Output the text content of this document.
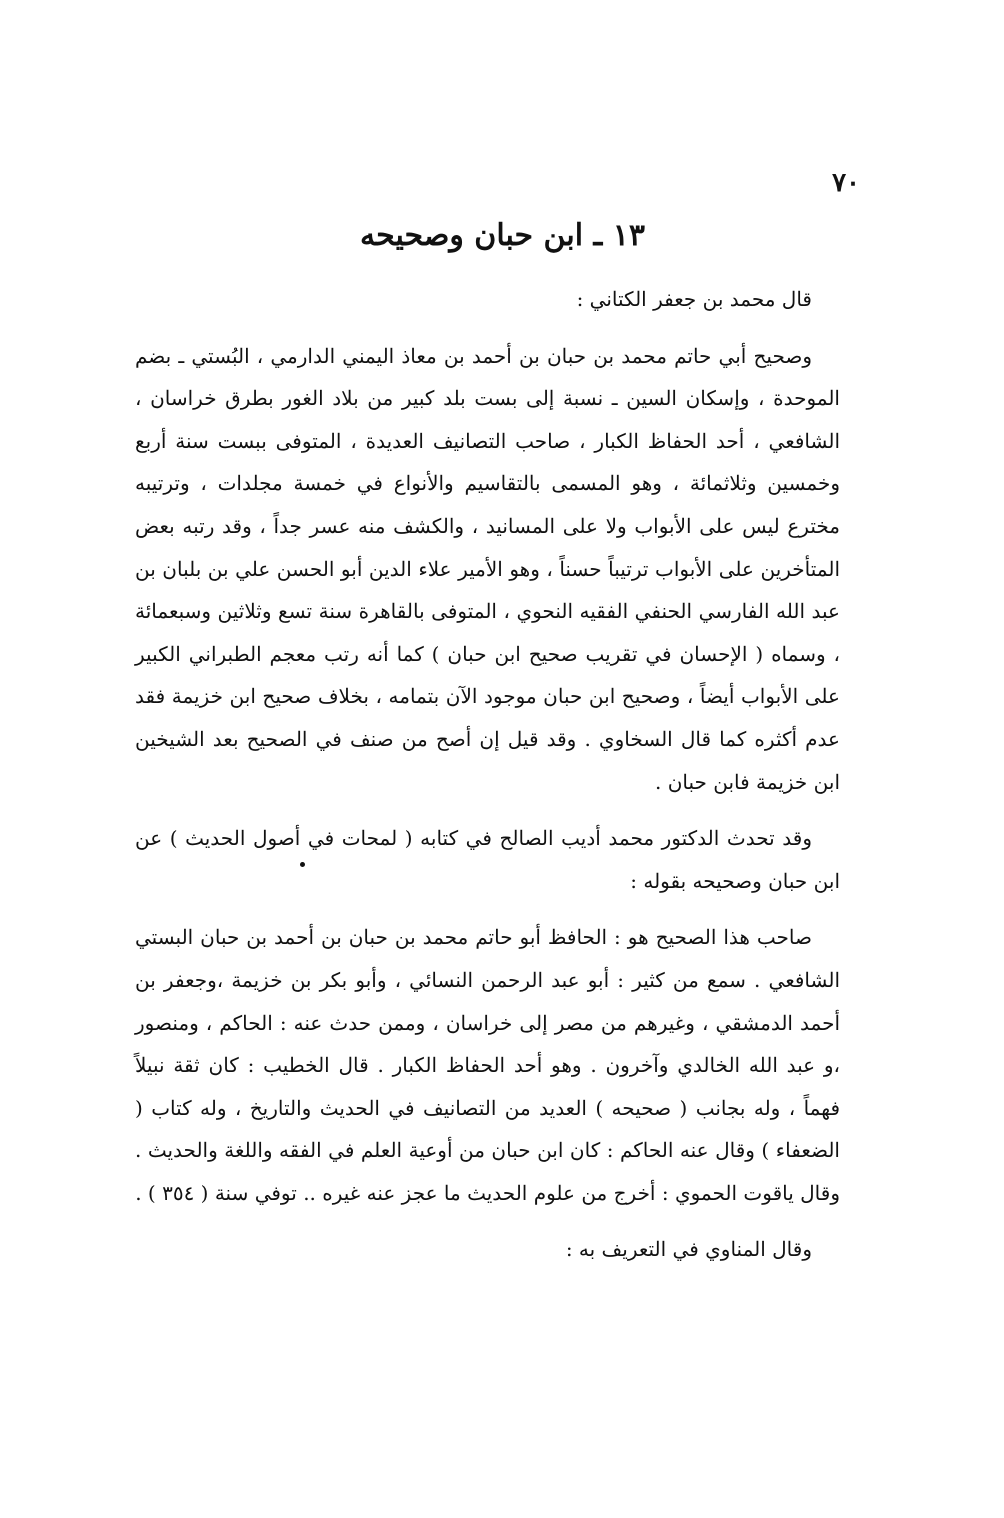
٧٠
١٣ ـ ابن حبان وصحيحه

قال محمد بن جعفر الكتاني :

وصحيح أبي حاتم محمد بن حبان بن أحمد بن معاذ اليمني الدارمي ، البُستي ـ بضم الموحدة ، وإسكان السين ـ نسبة إلى بست بلد كبير من بلاد الغور بطرق خراسان ، الشافعي ، أحد الحفاظ الكبار ، صاحب التصانيف العديدة ، المتوفى ببست سنة أربع وخمسين وثلاثمائة ، وهو المسمى بالتقاسيم والأنواع في خمسة مجلدات ، وترتيبه مخترع ليس على الأبواب ولا على المسانيد ، والكشف منه عسر جداً ، وقد رتبه بعض المتأخرين على الأبواب ترتيباً حسناً ، وهو الأمير علاء الدين أبو الحسن علي بن بلبان بن عبد الله الفارسي الحنفي الفقيه النحوي ، المتوفى بالقاهرة سنة تسع وثلاثين وسبعمائة ، وسماه ( الإحسان في تقريب صحيح ابن حبان ) كما أنه رتب معجم الطبراني الكبير على الأبواب أيضاً ، وصحيح ابن حبان موجود الآن بتمامه ، بخلاف صحيح ابن خزيمة فقد عدم أكثره كما قال السخاوي . وقد قيل إن أصح من صنف في الصحيح بعد الشيخين ابن خزيمة فابن حبان .

وقد تحدث الدكتور محمد أديب الصالح في كتابه ( لمحات في أصول الحديث ) عن ابن حبان وصحيحه بقوله :

صاحب هذا الصحيح هو : الحافظ أبو حاتم محمد بن حبان بن أحمد بن حبان البستي الشافعي . سمع من كثير : أبو عبد الرحمن النسائي ، وأبو بكر بن خزيمة ،وجعفر بن أحمد الدمشقي ، وغيرهم من مصر إلى خراسان ، وممن حدث عنه : الحاكم ، ومنصور ،و عبد الله الخالدي وآخرون . وهو أحد الحفاظ الكبار . قال الخطيب : كان ثقة نبيلاً فهماً ، وله بجانب ( صحيحه ) العديد من التصانيف في الحديث والتاريخ ، وله كتاب ( الضعفاء ) وقال عنه الحاكم : كان ابن حبان من أوعية العلم في الفقه واللغة والحديث . وقال ياقوت الحموي : أخرج من علوم الحديث ما عجز عنه غيره .. توفي سنة ( ٣٥٤ ) .

وقال المناوي في التعريف به :
